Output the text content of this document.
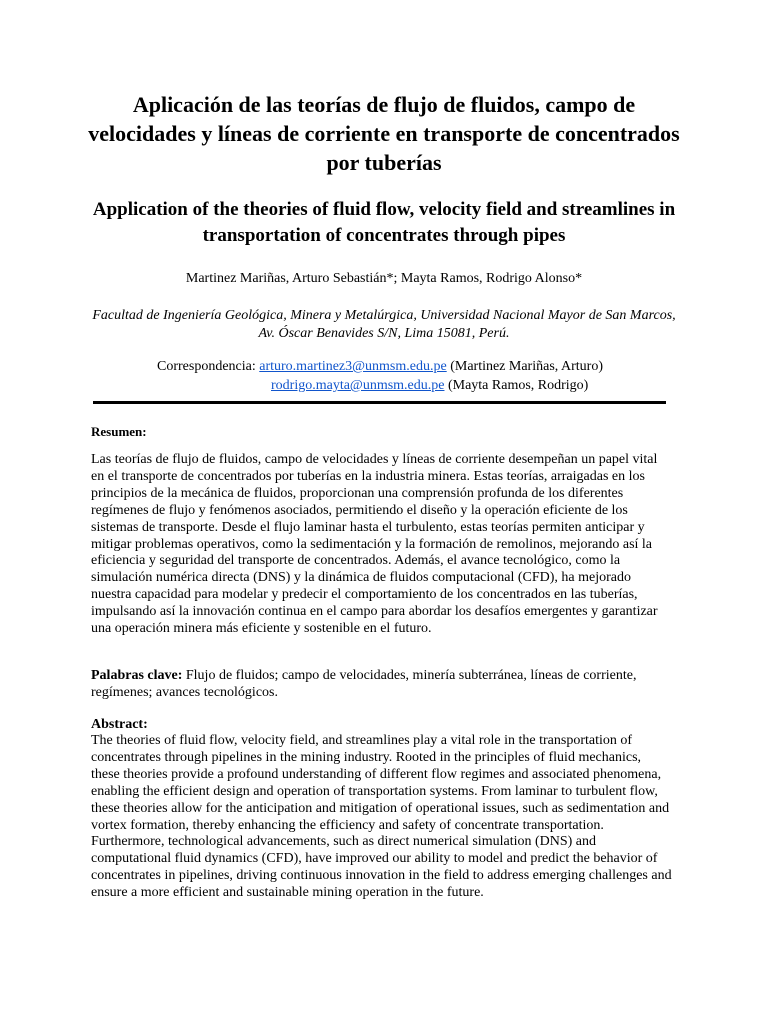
Aplicación de las teorías de flujo de fluidos, campo de velocidades y líneas de corriente en transporte de concentrados por tuberías
Application of the theories of fluid flow, velocity field and streamlines in transportation of concentrates through pipes
Martinez Mariñas, Arturo Sebastián*; Mayta Ramos, Rodrigo Alonso*
Facultad de Ingeniería Geológica, Minera y Metalúrgica, Universidad Nacional Mayor de San Marcos, Av. Óscar Benavides S/N, Lima 15081, Perú.
Correspondencia: arturo.martinez3@unmsm.edu.pe (Martinez Mariñas, Arturo)
rodrigo.mayta@unmsm.edu.pe (Mayta Ramos, Rodrigo)

Resumen:

Las teorías de flujo de fluidos, campo de velocidades y líneas de corriente desempeñan un papel vital en el transporte de concentrados por tuberías en la industria minera. Estas teorías, arraigadas en los principios de la mecánica de fluidos, proporcionan una comprensión profunda de los diferentes regímenes de flujo y fenómenos asociados, permitiendo el diseño y la operación eficiente de los sistemas de transporte. Desde el flujo laminar hasta el turbulento, estas teorías permiten anticipar y mitigar problemas operativos, como la sedimentación y la formación de remolinos, mejorando así la eficiencia y seguridad del transporte de concentrados. Además, el avance tecnológico, como la simulación numérica directa (DNS) y la dinámica de fluidos computacional (CFD), ha mejorado nuestra capacidad para modelar y predecir el comportamiento de los concentrados en las tuberías, impulsando así la innovación continua en el campo para abordar los desafíos emergentes y garantizar una operación minera más eficiente y sostenible en el futuro.

Palabras clave: Flujo de fluidos; campo de velocidades, minería subterránea, líneas de corriente, regímenes; avances tecnológicos.

Abstract:

The theories of fluid flow, velocity field, and streamlines play a vital role in the transportation of concentrates through pipelines in the mining industry. Rooted in the principles of fluid mechanics, these theories provide a profound understanding of different flow regimes and associated phenomena, enabling the efficient design and operation of transportation systems. From laminar to turbulent flow, these theories allow for the anticipation and mitigation of operational issues, such as sedimentation and vortex formation, thereby enhancing the efficiency and safety of concentrate transportation. Furthermore, technological advancements, such as direct numerical simulation (DNS) and computational fluid dynamics (CFD), have improved our ability to model and predict the behavior of concentrates in pipelines, driving continuous innovation in the field to address emerging challenges and ensure a more efficient and sustainable mining operation in the future.
